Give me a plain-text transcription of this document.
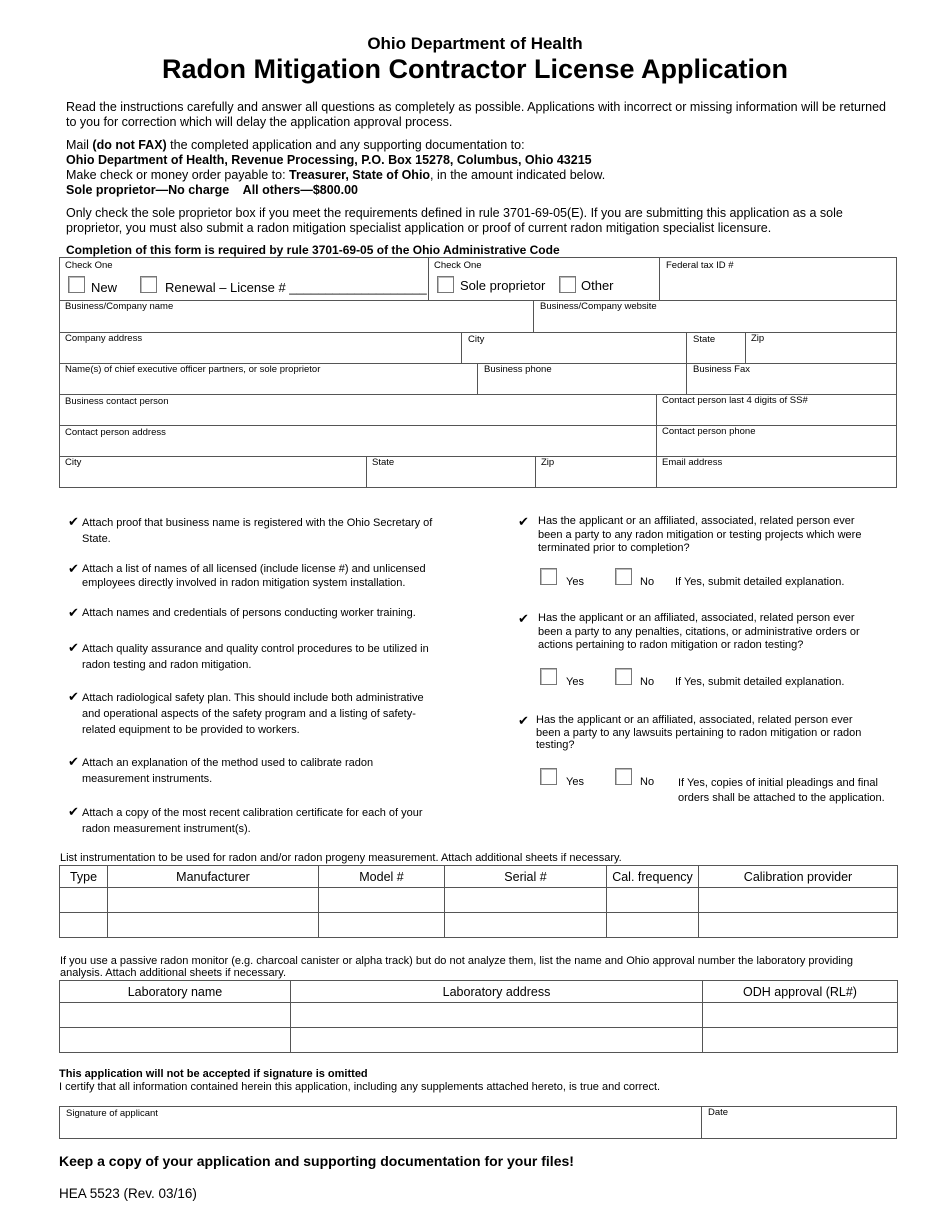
Ohio Department of Health
Radon Mitigation Contractor License Application
Read the instructions carefully and answer all questions as completely as possible. Applications with incorrect or missing information will be returned to you for correction which will delay the application approval process.
Mail (do not FAX) the completed application and any supporting documentation to:
Ohio Department of Health, Revenue Processing, P.O. Box 15278, Columbus, Ohio 43215
Make check or money order payable to: Treasurer, State of Ohio, in the amount indicated below.
Sole proprietor—No charge All others—$800.00
Only check the sole proprietor box if you meet the requirements defined in rule 3701-69-05(E). If you are submitting this application as a sole proprietor, you must also submit a radon mitigation specialist application or proof of current radon mitigation specialist licensure.
Completion of this form is required by rule 3701-69-05 of the Ohio Administrative Code
Check One
New	Renewal – License # ___________________
Check One
Sole proprietor	Other
Federal tax ID #
Business/Company name	Business/Company website
Company address	City	State	Zip
Name(s) of chief executive officer partners, or sole proprietor	Business phone	Business Fax
Business contact person	Contact person last 4 digits of SS#
Contact person address	Contact person phone
City	State	Zip	Email address
✔ Attach proof that business name is registered with the Ohio Secretary of State.
✔ Attach a list of names of all licensed (include license #) and unlicensed employees directly involved in radon mitigation system installation.
✔ Attach names and credentials of persons conducting worker training.
✔ Attach quality assurance and quality control procedures to be utilized in radon testing and radon mitigation.
✔ Attach radiological safety plan. This should include both administrative and operational aspects of the safety program and a listing of safety-related equipment to be provided to workers.
✔ Attach an explanation of the method used to calibrate radon measurement instruments.
✔ Attach a copy of the most recent calibration certificate for each of your radon measurement instrument(s).
✔ Has the applicant or an affiliated, associated, related person ever been a party to any radon mitigation or testing projects which were terminated prior to completion?
Yes	No If Yes, submit detailed explanation.
✔ Has the applicant or an affiliated, associated, related person ever been a party to any penalties, citations, or administrative orders or actions pertaining to radon mitigation or radon testing?
Yes	No If Yes, submit detailed explanation.
✔ Has the applicant or an affiliated, associated, related person ever been a party to any lawsuits pertaining to radon mitigation or radon testing?
Yes	No If Yes, copies of initial pleadings and final orders shall be attached to the application.
List instrumentation to be used for radon and/or radon progeny measurement. Attach additional sheets if necessary.
Type	Manufacturer	Model #	Serial #	Cal. frequency	Calibration provider

If you use a passive radon monitor (e.g. charcoal canister or alpha track) but do not analyze them, list the name and Ohio approval number the laboratory providing analysis. Attach additional sheets if necessary.
Laboratory name	Laboratory address	ODH approval (RL#)

This application will not be accepted if signature is omitted
I certify that all information contained herein this application, including any supplements attached hereto, is true and correct.
Signature of applicant	Date
Keep a copy of your application and supporting documentation for your files!
HEA 5523 (Rev. 03/16)
